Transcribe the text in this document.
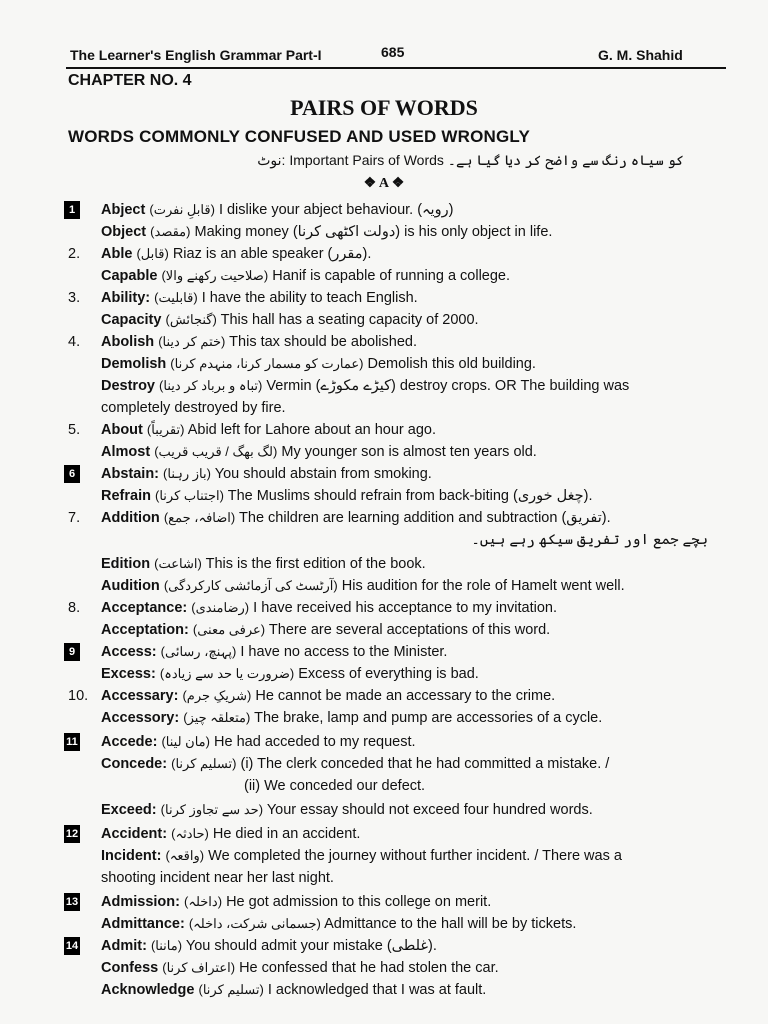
The Learner's English Grammar Part-I	685	G. M. Shahid
CHAPTER NO. 4
PAIRS OF WORDS
WORDS COMMONLY CONFUSED AND USED WRONGLY
نوٹ: Important Pairs of Words کو سیاہ رنگ سے واضح کر دیا گیا ہے۔
❖ A ❖
1	Abject (قابلِ نفرت) I dislike your abject behaviour. (رویہ)
Object (مقصد) Making money (دولت اکٹھی کرنا) is his only object in life.
2.	Able (قابل) Riaz is an able speaker (مقرر).
Capable (صلاحیت رکھنے والا) Hanif is capable of running a college.
3.	Ability: (قابلیت) I have the ability to teach English.
Capacity (گنجائش) This hall has a seating capacity of 2000.
4.	Abolish (ختم کر دینا) This tax should be abolished.
Demolish (عمارت کو مسمار کرنا، منہدم کرنا) Demolish this old building.
Destroy (تباہ و برباد کر دینا) Vermin (کیڑے مکوڑے) destroy crops. OR The building was
completely destroyed by fire.
5.	About (تقریباً) Abid left for Lahore about an hour ago.
Almost (لگ بھگ / قریب قریب) My younger son is almost ten years old.
6	Abstain: (باز رہنا) You should abstain from smoking.
Refrain (اجتناب کرنا) The Muslims should refrain from back-biting (چغل خوری).
7.	Addition (اضافہ، جمع) The children are learning addition and subtraction (تفریق).
بچے جمع اور تفریق سیکھ رہے ہیں۔
Edition (اشاعت) This is the first edition of the book.
Audition (آرٹسٹ کی آزمائشی کارکردگی) His audition for the role of Hamelt went well.
8.	Acceptance: (رضامندی) I have received his acceptance to my invitation.
Acceptation: (عرفی معنی) There are several acceptations of this word.
9	Access: (پہنچ، رسائی) I have no access to the Minister.
Excess: (ضرورت یا حد سے زیادہ) Excess of everything is bad.
10. Accessary: (شریکِ جرم) He cannot be made an accessary to the crime.
Accessory: (متعلقہ چیز) The brake, lamp and pump are accessories of a cycle.
11 Accede: (مان لینا) He had acceded to my request.
Concede: (تسلیم کرنا) (i) The clerk conceded that he had committed a mistake. /
(ii) We conceded our defect.
Exceed: (حد سے تجاوز کرنا) Your essay should not exceed four hundred words.
12 Accident: (حادثہ) He died in an accident.
Incident: (واقعہ) We completed the journey without further incident. / There was a
shooting incident near her last night.
13 Admission: (داخلہ) He got admission to this college on merit.
Admittance: (جسمانی شرکت، داخلہ) Admittance to the hall will be by tickets.
14 Admit: (ماننا) You should admit your mistake (غلطی).
Confess (اعتراف کرنا) He confessed that he had stolen the car.
Acknowledge (تسلیم کرنا) I acknowledged that I was at fault.
